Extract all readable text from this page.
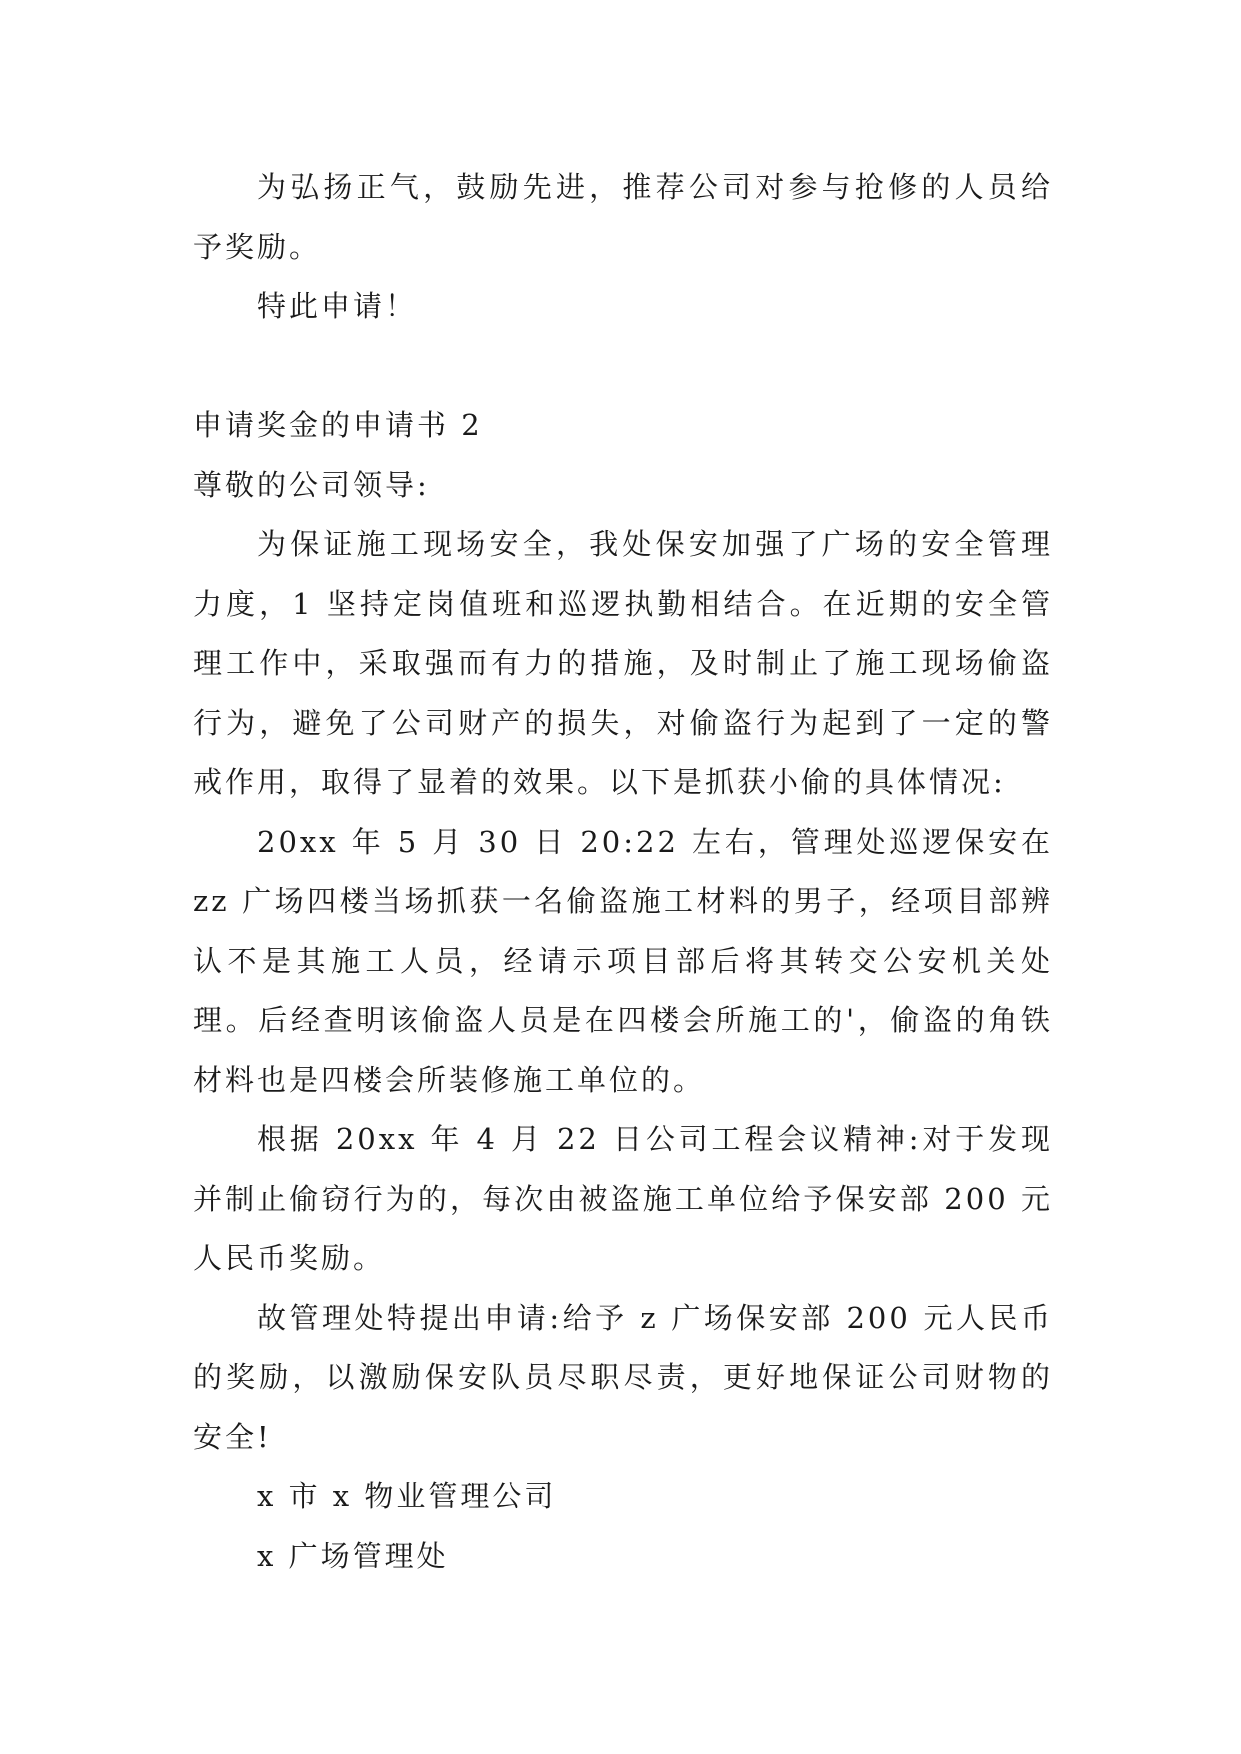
为弘扬正气，鼓励先进，推荐公司对参与抢修的人员给予奖励。

特此申请！

申请奖金的申请书 2

尊敬的公司领导:

为保证施工现场安全，我处保安加强了广场的安全管理力度，1 坚持定岗值班和巡逻执勤相结合。在近期的安全管理工作中，采取强而有力的措施，及时制止了施工现场偷盗行为，避免了公司财产的损失，对偷盗行为起到了一定的警戒作用，取得了显着的效果。以下是抓获小偷的具体情况:

20xx 年 5 月 30 日 20:22 左右，管理处巡逻保安在 zz 广场四楼当场抓获一名偷盗施工材料的男子，经项目部辨认不是其施工人员，经请示项目部后将其转交公安机关处理。后经查明该偷盗人员是在四楼会所施工的'，偷盗的角铁材料也是四楼会所装修施工单位的。

根据 20xx 年 4 月 22 日公司工程会议精神:对于发现并制止偷窃行为的，每次由被盗施工单位给予保安部 200 元人民币奖励。

故管理处特提出申请:给予 z 广场保安部 200 元人民币的奖励，以激励保安队员尽职尽责，更好地保证公司财物的安全!

x 市 x 物业管理公司

x 广场管理处
